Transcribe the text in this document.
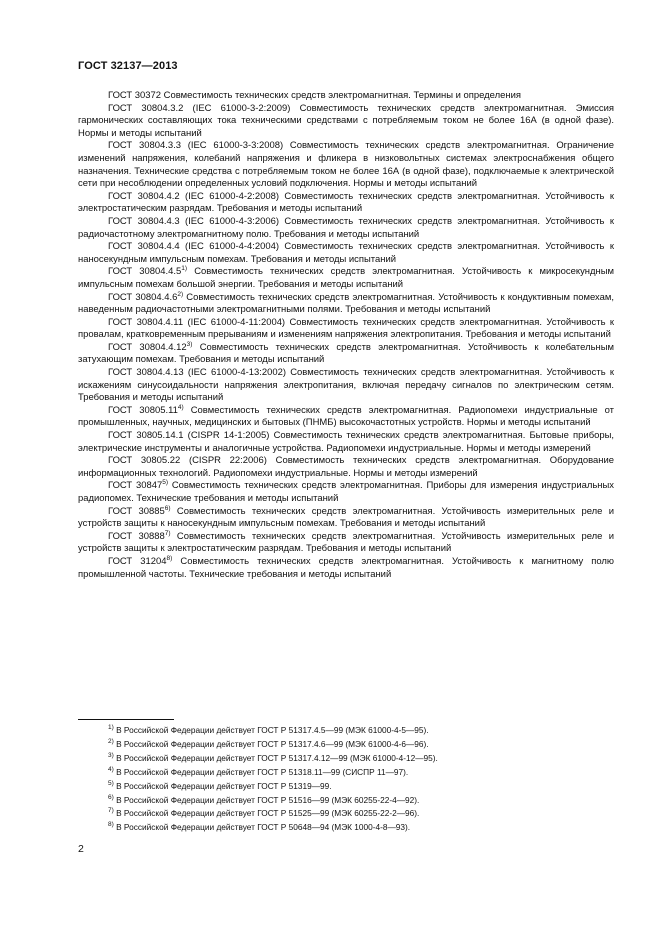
ГОСТ 32137—2013

ГОСТ 30372 Совместимость технических средств электромагнитная. Термины и определения

ГОСТ 30804.3.2 (IEC 61000-3-2:2009) Совместимость технических средств электромагнитная. Эмиссия гармонических составляющих тока техническими средствами с потребляемым током не более 16А (в одной фазе). Нормы и методы испытаний

ГОСТ 30804.3.3 (IEC 61000-3-3:2008) Совместимость технических средств электромагнитная. Ограничение изменений напряжения, колебаний напряжения и фликера в низковольтных системах электроснабжения общего назначения. Технические средства с потребляемым током не более 16А (в одной фазе), подключаемые к электрической сети при несоблюдении определенных условий подключения. Нормы и методы испытаний

ГОСТ 30804.4.2 (IEC 61000-4-2:2008) Совместимость технических средств электромагнитная. Устойчивость к электростатическим разрядам. Требования и методы испытаний

ГОСТ 30804.4.3 (IEC 61000-4-3:2006) Совместимость технических средств электромагнитная. Устойчивость к радиочастотному электромагнитному полю. Требования и методы испытаний

ГОСТ 30804.4.4 (IEC 61000-4-4:2004) Совместимость технических средств электромагнитная. Устойчивость к наносекундным импульсным помехам. Требования и методы испытаний

ГОСТ 30804.4.5$^{1)}$ Совместимость технических средств электромагнитная. Устойчивость к микросекундным импульсным помехам большой энергии. Требования и методы испытаний

ГОСТ 30804.4.6$^{2)}$ Совместимость технических средств электромагнитная. Устойчивость к кондуктивным помехам, наведенным радиочастотными электромагнитными полями. Требования и методы испытаний

ГОСТ 30804.4.11 (IEC 61000-4-11:2004) Совместимость технических средств электромагнитная. Устойчивость к провалам, кратковременным прерываниям и изменениям напряжения электропитания. Требования и методы испытаний

ГОСТ 30804.4.12$^{3)}$ Совместимость технических средств электромагнитная. Устойчивость к колебательным затухающим помехам. Требования и методы испытаний

ГОСТ 30804.4.13 (IEC 61000-4-13:2002) Совместимость технических средств электромагнитная. Устойчивость к искажениям синусоидальности напряжения электропитания, включая передачу сигналов по электрическим сетям. Требования и методы испытаний

ГОСТ 30805.11$^{4)}$ Совместимость технических средств электромагнитная. Радиопомехи индустриальные от промышленных, научных, медицинских и бытовых (ПНМБ) высокочастотных устройств. Нормы и методы испытаний

ГОСТ 30805.14.1 (CISPR 14-1:2005) Совместимость технических средств электромагнитная. Бытовые приборы, электрические инструменты и аналогичные устройства. Радиопомехи индустриальные. Нормы и методы измерений

ГОСТ 30805.22 (CISPR 22:2006) Совместимость технических средств электромагнитная. Оборудование информационных технологий. Радиопомехи индустриальные. Нормы и методы измерений

ГОСТ 30847$^{5)}$ Совместимость технических средств электромагнитная. Приборы для измерения индустриальных радиопомех. Технические требования и методы испытаний

ГОСТ 30885$^{6)}$ Совместимость технических средств электромагнитная. Устойчивость измерительных реле и устройств защиты к наносекундным импульсным помехам. Требования и методы испытаний

ГОСТ 30888$^{7)}$ Совместимость технических средств электромагнитная. Устойчивость измерительных реле и устройств защиты к электростатическим разрядам. Требования и методы испытаний

ГОСТ 31204$^{8)}$ Совместимость технических средств электромагнитная. Устойчивость к магнитному полю промышленной частоты. Технические требования и методы испытаний

$^{1)}$ В Российской Федерации действует ГОСТ Р 51317.4.5—99 (МЭК 61000-4-5—95).
$^{2)}$ В Российской Федерации действует ГОСТ Р 51317.4.6—99 (МЭК 61000-4-6—96).
$^{3)}$ В Российской Федерации действует ГОСТ Р 51317.4.12—99 (МЭК 61000-4-12—95).
$^{4)}$ В Российской Федерации действует ГОСТ Р 51318.11—99 (СИСПР 11—97).
$^{5)}$ В Российской Федерации действует ГОСТ Р 51319—99.
$^{6)}$ В Российской Федерации действует ГОСТ Р 51516—99 (МЭК 60255-22-4—92).
$^{7)}$ В Российской Федерации действует ГОСТ Р 51525—99 (МЭК 60255-22-2—96).
$^{8)}$ В Российской Федерации действует ГОСТ Р 50648—94 (МЭК 1000-4-8—93).
2
